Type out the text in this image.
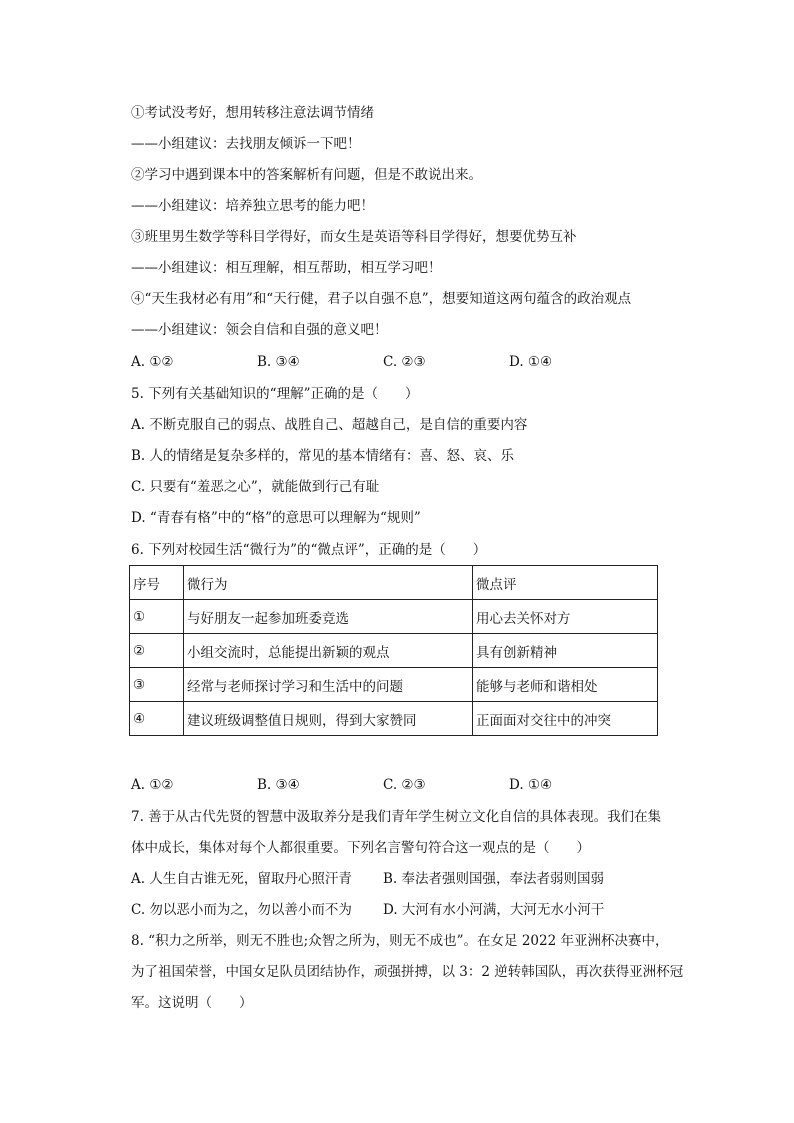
①考试没考好，想用转移注意法调节情绪
——小组建议：去找朋友倾诉一下吧！
②学习中遇到课本中的答案解析有问题，但是不敢说出来。
——小组建议：培养独立思考的能力吧！
③班里男生数学等科目学得好，而女生是英语等科目学得好，想要优势互补
——小组建议：相互理解，相互帮助，相互学习吧！
④“天生我材必有用”和“天行健，君子以自强不息”，想要知道这两句蕴含的政治观点
——小组建议：领会自信和自强的意义吧！
A. ①②	B. ③④	C. ②③	D. ①④
5. 下列有关基础知识的“理解”正确的是（　　）
A. 不断克服自己的弱点、战胜自己、超越自己，是自信的重要内容
B. 人的情绪是复杂多样的，常见的基本情绪有：喜、怒、哀、乐
C. 只要有“羞恶之心”，就能做到行己有耻
D. “青春有格”中的“格”的意思可以理解为“规则”
6. 下列对校园生活“微行为”的“微点评”，正确的是（　　）
序号	微行为	微点评
①	与好朋友一起参加班委竞选	用心去关怀对方
②	小组交流时，总能提出新颖的观点	具有创新精神
③	经常与老师探讨学习和生活中的问题	能够与老师和谐相处
④	建议班级调整值日规则，得到大家赞同	正面面对交往中的冲突
A. ①②	B. ③④	C. ②③	D. ①④
7. 善于从古代先贤的智慧中汲取养分是我们青年学生树立文化自信的具体表现。我们在集
体中成长，集体对每个人都很重要。下列名言警句符合这一观点的是（　　）
A. 人生自古谁无死，留取丹心照汗青 B. 奉法者强则国强，奉法者弱则国弱
C. 勿以恶小而为之，勿以善小而不为 D. 大河有水小河满，大河无水小河干
8. “积力之所举，则无不胜也;众智之所为，则无不成也”。在女足 2022 年亚洲杯决赛中，
为了祖国荣誉，中国女足队员团结协作，顽强拼搏，以 3：2 逆转韩国队，再次获得亚洲杯冠
军。这说明（　　）
